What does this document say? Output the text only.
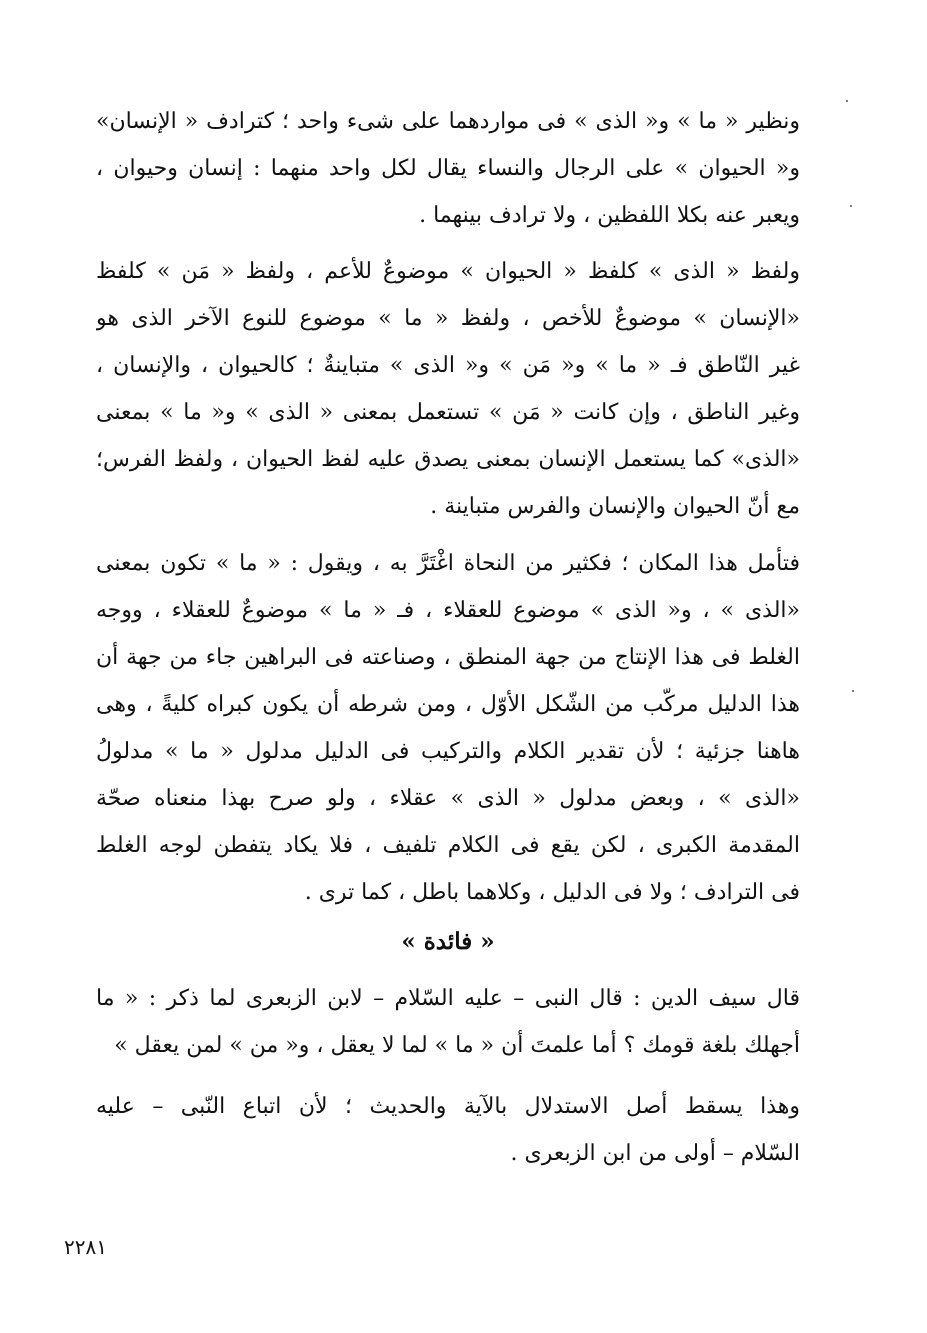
ونظير « ما » و« الذى » فى مواردهما على شىء واحد ؛ كترادف « الإنسان»
و« الحيوان » على الرجال والنساء يقال لكل واحد منهما : إنسان وحيوان ،
ويعبر عنه بكلا اللفظين ، ولا ترادف بينهما .
ولفظ « الذى » كلفظ « الحيوان » موضوعٌ للأعم ، ولفظ « مَن » كلفظ
«الإنسان » موضوعٌ للأخص ، ولفظ « ما » موضوع للنوع الآخر الذى هو
غير النّاطق فـ « ما » و« مَن » و« الذى » متباينةٌ ؛ كالحيوان ، والإنسان ،
وغير الناطق ، وإن كانت « مَن » تستعمل بمعنى « الذى » و« ما » بمعنى
«الذى» كما يستعمل الإنسان بمعنى يصدق عليه لفظ الحيوان ، ولفظ الفرس؛
مع أنّ الحيوان والإنسان والفرس متباينة .
فتأمل هذا المكان ؛ فكثير من النحاة اغْتَرَّ به ، ويقول : « ما » تكون بمعنى
«الذى » ، و« الذى » موضوع للعقلاء ، فـ « ما » موضوعٌ للعقلاء ، ووجه
الغلط فى هذا الإنتاج من جهة المنطق ، وصناعته فى البراهين جاء من جهة أن
هذا الدليل مركّب من الشّكل الأوّل ، ومن شرطه أن يكون كبراه كليةً ، وهى
هاهنا جزئية ؛ لأن تقدير الكلام والتركيب فى الدليل مدلول « ما » مدلولُ
«الذى » ، وبعض مدلول « الذى » عقلاء ، ولو صرح بهذا منعناه صحّة
المقدمة الكبرى ، لكن يقع فى الكلام تلفيف ، فلا يكاد يتفطن لوجه الغلط
فى الترادف ؛ ولا فى الدليل ، وكلاهما باطل ، كما ترى .
« فائدة »
قال سيف الدين : قال النبى – عليه السّلام – لابن الزبعرى لما ذكر : « ما
أجهلك بلغة قومك ؟ أما علمتَ أن « ما » لما لا يعقل ، و« من » لمن يعقل »
وهذا يسقط أصل الاستدلال بالآية والحديث ؛ لأن اتباع النّبى – عليه
السّلام – أولى من ابن الزبعرى .
٢٢٨١
